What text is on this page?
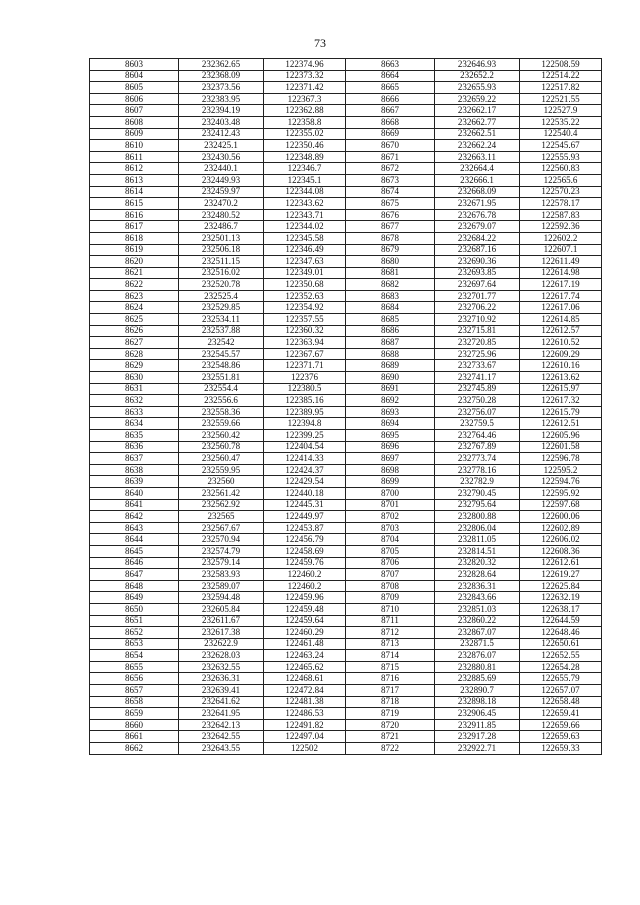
73
8603	232362.65	122374.96	8663	232646.93	122508.59
8604	232368.09	122373.32	8664	232652.2	122514.22
8605	232373.56	122371.42	8665	232655.93	122517.82
8606	232383.95	122367.3	8666	232659.22	122521.55
8607	232394.19	122362.88	8667	232662.17	122527.9
8608	232403.48	122358.8	8668	232662.77	122535.22
8609	232412.43	122355.02	8669	232662.51	122540.4
8610	232425.1	122350.46	8670	232662.24	122545.67
8611	232430.56	122348.89	8671	232663.11	122555.93
8612	232440.1	122346.7	8672	232664.4	122560.83
8613	232449.93	122345.1	8673	232666.1	122565.6
8614	232459.97	122344.08	8674	232668.09	122570.23
8615	232470.2	122343.62	8675	232671.95	122578.17
8616	232480.52	122343.71	8676	232676.78	122587.83
8617	232486.7	122344.02	8677	232679.07	122592.36
8618	232501.13	122345.58	8678	232684.22	122602.2
8619	232506.18	122346.49	8679	232687.16	122607.1
8620	232511.15	122347.63	8680	232690.36	122611.49
8621	232516.02	122349.01	8681	232693.85	122614.98
8622	232520.78	122350.68	8682	232697.64	122617.19
8623	232525.4	122352.63	8683	232701.77	122617.74
8624	232529.85	122354.92	8684	232706.22	122617.06
8625	232534.11	122357.55	8685	232710.92	122614.85
8626	232537.88	122360.32	8686	232715.81	122612.57
8627	232542	122363.94	8687	232720.85	122610.52
8628	232545.57	122367.67	8688	232725.96	122609.29
8629	232548.86	122371.71	8689	232733.67	122610.16
8630	232551.81	122376	8690	232741.17	122613.62
8631	232554.4	122380.5	8691	232745.89	122615.97
8632	232556.6	122385.16	8692	232750.28	122617.32
8633	232558.36	122389.95	8693	232756.07	122615.79
8634	232559.66	122394.8	8694	232759.5	122612.51
8635	232560.42	122399.25	8695	232764.46	122605.96
8636	232560.78	122404.54	8696	232767.89	122601.58
8637	232560.47	122414.33	8697	232773.74	122596.78
8638	232559.95	122424.37	8698	232778.16	122595.2
8639	232560	122429.54	8699	232782.9	122594.76
8640	232561.42	122440.18	8700	232790.45	122595.92
8641	232562.92	122445.31	8701	232795.64	122597.68
8642	232565	122449.97	8702	232800.88	122600.06
8643	232567.67	122453.87	8703	232806.04	122602.89
8644	232570.94	122456.79	8704	232811.05	122606.02
8645	232574.79	122458.69	8705	232814.51	122608.36
8646	232579.14	122459.76	8706	232820.32	122612.61
8647	232583.93	122460.2	8707	232828.64	122619.27
8648	232589.07	122460.2	8708	232836.31	122625.84
8649	232594.48	122459.96	8709	232843.66	122632.19
8650	232605.84	122459.48	8710	232851.03	122638.17
8651	232611.67	122459.64	8711	232860.22	122644.59
8652	232617.38	122460.29	8712	232867.07	122648.46
8653	232622.9	122461.48	8713	232871.5	122650.61
8654	232628.03	122463.24	8714	232876.07	122652.55
8655	232632.55	122465.62	8715	232880.81	122654.28
8656	232636.31	122468.61	8716	232885.69	122655.79
8657	232639.41	122472.84	8717	232890.7	122657.07
8658	232641.62	122481.38	8718	232898.18	122658.48
8659	232641.95	122486.53	8719	232906.45	122659.41
8660	232642.13	122491.82	8720	232911.85	122659.66
8661	232642.55	122497.04	8721	232917.28	122659.63
8662	232643.55	122502	8722	232922.71	122659.33
